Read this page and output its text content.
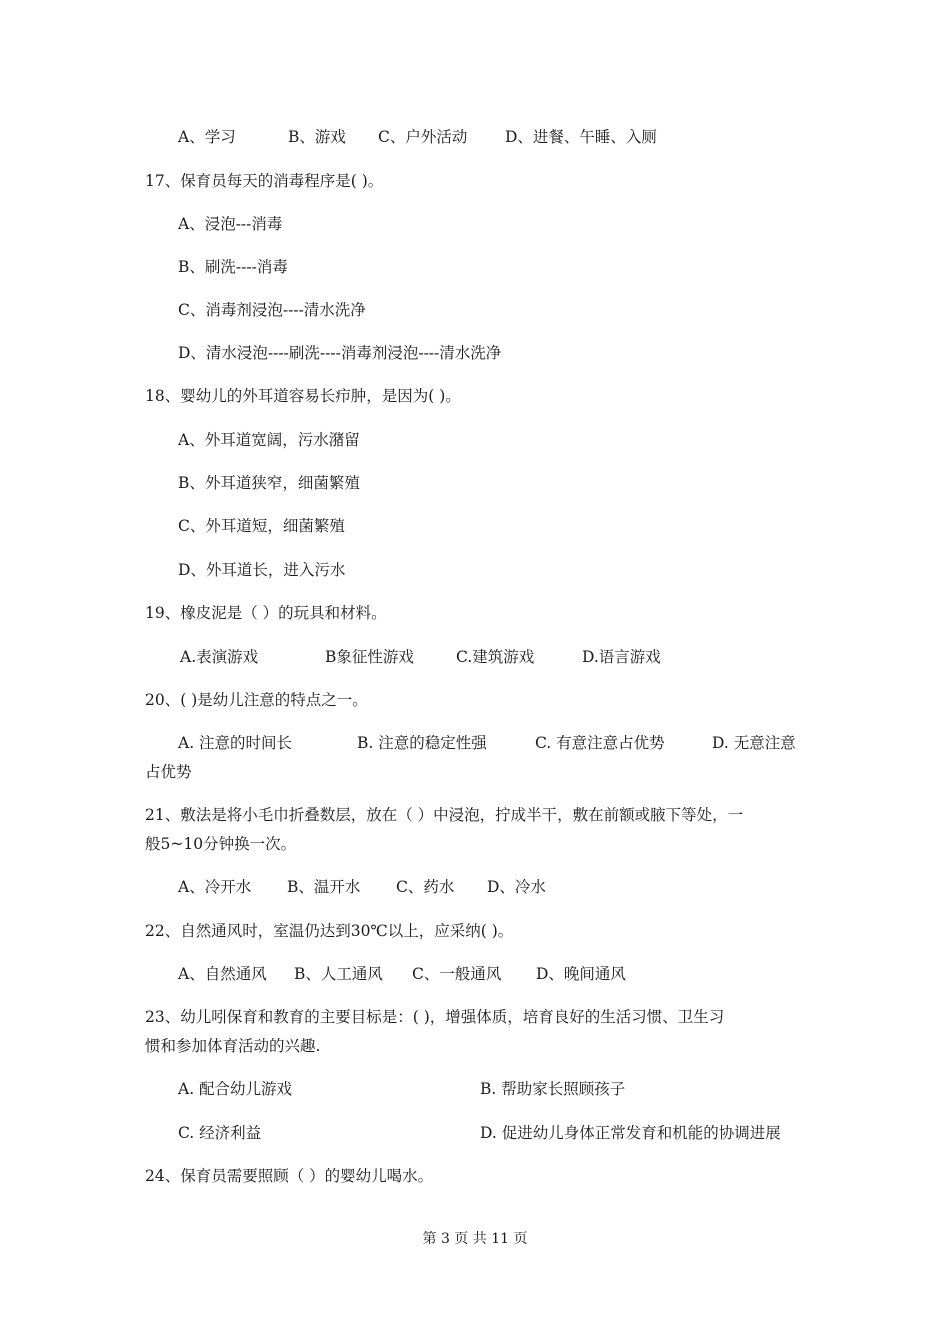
A、学习	B、游戏 C、户外活动 D、进餐、午睡、入厕
17、保育员每天的消毒程序是( )。
A、浸泡---消毒
B、刷洗----消毒
C、消毒剂浸泡----清水洗净
D、清水浸泡----刷洗----消毒剂浸泡----清水洗净
18、婴幼儿的外耳道容易长疖肿，是因为( )。
A、外耳道宽阔，污水潴留
B、外耳道狭窄，细菌繁殖
C、外耳道短，细菌繁殖
D、外耳道长，进入污水
19、橡皮泥是（ ）的玩具和材料。
A.表演游戏	B象征性游戏	C.建筑游戏	D.语言游戏
20、( )是幼儿注意的特点之一。
A. 注意的时间长	B. 注意的稳定性强	C. 有意注意占优势	D. 无意注意
占优势
21、敷法是将小毛巾折叠数层，放在（ ）中浸泡，拧成半干，敷在前额或腋下等处，一
般5~10分钟换一次。
A、冷开水 B、温开水 C、药水 D、冷水
22、自然通风时，室温仍达到30℃以上，应采纳( )。
A、自然通风 B、人工通风 C、一般通风 D、晚间通风
23、幼儿吲保育和教育的主要目标是：( )，增强体质，培育良好的生活习惯、卫生习
惯和参加体育活动的兴趣.
A. 配合幼儿游戏	B. 帮助家长照顾孩子
C. 经济利益	D. 促进幼儿身体正常发育和机能的协调进展
24、保育员需要照顾（ ）的婴幼儿喝水。
第 3 页 共 11 页
